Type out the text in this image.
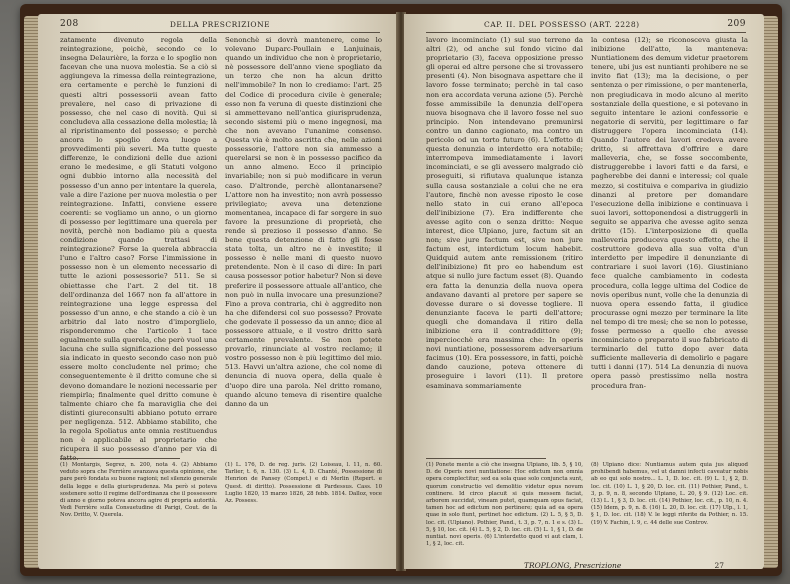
208	DELLA PRESCRIZIONE
zatamente divenuto regola della reintegrazione, poichè, secondo ce lo insegna Delaurière, la forza e lo spoglio non facevan che una nuova molestia. Se a ciò si aggiungeva la rimessa della reintegrazione, era certamente e perchè le funzioni di questi altri possessorii avean fatto prevalere, nel caso di privazione di possesso, che nel caso di novità. Qui si concludeva alla cessazione della molestia; là al ripristinamento del possesso; e perchè ancora lo spoglio deva luogo a provvedimenti più severi. Ma tutte queste differenze, le condizioni delle due azioni erano le medesime, e gli Statuti volgono ogni dubbio intorno alla necessità del possesso d'un anno per intentare la querela, vale a dire l'azione per nuova molestia o per reintegrazione. Infatti, conviene essere coerenti: se vogliamo un anno, o un giorno di possesso per legittimare una querela per novità, perchè non badiamo più a questa condizione quando trattasi di reintegrazione? Forse la querela abbraccia l'uno e l'altro caso? Forse l'immissione in possesso non è un elemento necessario di tutte le azioni possessorie? 511. Se si obiettasse che l'art. 2 del tit. 18 dell'ordinanza del 1667 non fa all'attore in reintegrazione una legge espressa del possesso d'un anno, e che stando a ciò è un arbitrio dal lato nostro d'imporglielo, risponderemmo che l'articolo 1 tace egualmente sulla querela, che però vuol una lacuna che sulla significazione del possesso sia indicato in questo secondo caso non può essere molto concludente nel primo; che conseguentemente è il dritto comune che si devono domandare le nozioni necessarie per riempirla; finalmente quel dritto comune è talmente chiaro che fa maraviglia che dei distinti giureconsulti abbiano potuto errare per negligenza. 512. Abbiamo stabilito, che la regola Spoliatus ante omnia restituendus non è applicabile al proprietario che ricupera il suo possesso d'anno per via di fatto.
Senonchè si dovrà mantenere, come lo volevano Duparc-Poullain e Lanjuinais, quando un individuo che non è proprietario, nè possessore dell'anno viene spogliato da un terzo che non ha alcun dritto nell'immobile? In non lo crediamo: l'art. 25 del Codice di procedura civile è generale; esso non fa veruna di queste distinzioni che si ammettevano nell'antica giurisprudenza, secondo sistemi più o meno ingegnosi, ma che non avevano l'unanime consenso. Questa via è molto ascritta che, nelle azioni possessorie, l'attore non sia ammesso a querelarsi se non è in possesso pacifico da un anno almeno. Ecco il principio invariabile; non si può modificare in verun caso. D'altronde, perchè allontanarsene? L'attore non ha investito; non avrà possesso privilegiato; aveva una detenzione momentanea, incapace di far sorgere in suo favore la presunzione di proprietà, che rende sì prezioso il possesso d'anno. Se bene questa detenzione di fatto gli fosse stata tolta, un altro ne è investito; il possesso è nelle mani di questo nuovo pretendente. Non è il caso di dire: In pari causa possessor potior habetur? Non si deve preferire il possessore attuale all'antico, che non può in nulla invocare una presunzione? Fino a prova contraria, chi è aggredito non ha che difendersi col suo possesso? Provate che godevate il possesso da un anno; dice al possessore attuale, e il vostro dritto sarà certamente prevalente. Se non potete provarlo, rinunciate al vostro reclamo; il vostro possesso non è più legittimo del mio. 513. Havvi un'altra azione, che col nome di denuncia di nuova opera, della quale è d'uopo dire una parola. Nel dritto romano, quando alcuno temeva di risentire qualche danno da un
(1) Montargis, Segrez, n. 200, nota 4. (2) Abbiamo veduto sopra che Ferrière avanzava questa opinione, che pare però fondata su buone ragioni; nel silenzio generale della legge e della giurisprudenza. Ma però si poteva sostenere sotto il regime dell'ordinanza che il possessore di anno e giorno poteva ancora agire di propria autorità. Vedi Ferrière sulla Consuetudine di Parigi, Cout. de la Nov. Dritto, V. Querela.
(1) L. 176, D. de reg. juris. (2) Loiseau, l. 11, n. 60. Tarlier, t. 6, n. 130. (3) L. 4, D. Chanté, Possessione di Henrion de Pansey (Compet.) e di Merlin (Repert. e Quest. di diritto). Possessione di Pardessus. Cass. 10 Luglio 1820, 15 marzo 1826, 28 febb. 1814. Dalloz, voce Az. Possess.
CAP. II. DEL POSSESSO (ART. 2228)	209
lavoro incominciato (1) sul suo terreno da altri (2), od anche sul fondo vicino dal proprietario (3), faceva opposizione presso gli operai ed altre persone che si trovassero presenti (4). Non bisognava aspettare che il lavoro fosse terminato; perchè in tal caso non era accordata veruna azione (5). Perchè fosse ammissibile la denunzia dell'opera nuova bisognava che il lavoro fosse nel suo principio. Non intendevano premunirsi contro un danno cagionato, ma contro un pericolo od un torto futuro (6). L'effetto di questa denunzia o interdetto era notabile; interrompeva immediatamente i lavori incominciati, e se gli avessero malgrado ciò proseguiti, si rifiutava qualunque istanza sulla causa sostanziale a colui che ne era l'autore, finchè non avesse riposto le cose nello stato in cui erano all'epoca dell'inibizione (7). Era indifferente che avesse agito con o senza dritto: Neque interest, dice Ulpiano, jure, factum sit an non; sive jure factum est, sive non jure factum est, interdictum locum habebit. Quidquid autem ante remissionem (ritiro dell'inibizione) fit pro eo habendum est atque si nullo jure factum esset (8). Quando era fatta la denunzia della nuova opera andavano davanti al pretore per sapere se dovesse durare o si dovesse togliere. Il denunziante faceva le parti dell'attore; quegli che domandava il ritiro della inibizione era il contraddittore (9); imperciocchè era massima che: In operis novi nuntiatione, possessorem adversarium facimus (10). Era possessore, in fatti, poichè dando cauzione, poteva ottenere di proseguire i lavori (11). Il pretore esaminava sommariamente
la contesa (12); se riconosceva giusta la inibizione dell'atto, la manteneva: Nuntiationem des demum videtur praetorem tenere, ubi jus est nuntianti prohibere ne se invito fiat (13); ma la decisione, o per sentenza o per rimissione, o per mantenerla, non pregiudicava in modo alcuno al merito sostanziale della questione, e si potevano in seguito intentare le azioni confessorie e negatorie di servitù, per legittimare o far distruggere l'opera incominciata (14). Quando l'autore dei lavori credeva avere dritto, si affrettava d'offrire e dare malleveria, che, se fosse soccombente, distruggerebbe i lavori fatti e da farsi, e pagherebbe dei danni e interessi; col quale mezzo, si costituiva e compariva in giudizio dinanzi al pretore per domandare l'esecuzione della inibizione e continuava i suoi lavori, sottoponendosi a distruggerli in seguito se appariva che avesse agito senza dritto (15). L'interposizione di quella malleveria produceva questo effetto, che il costruttore godeva alla sua volta d'un interdetto per impedire il denunziante di contrariare i suoi lavori (16). Giustiniano fece qualche cambiamento in codesta procedura, colla legge ultima del Codice de novis operibus nunt, volle che la denunzia di nuova opera essendo fatta, il giudice procurasse ogni mezzo per terminare la lite nel tempo di tre mesi; che se non lo potesse, fosse permesso a quello che avesse incominciato o preparato il suo fabbricato di terminarlo del tutto dopo aver data sufficiente malleveria di demolirlo e pagare tutti i danni (17). 514 La denunzia di nuova opera passò prestissimo nella nostra procedura fran-
(1) Ponete mente a ciò che insegna Ulpiano, lib. 5, § 10, D. de Operis novi nuntiatione: Hoc edictum non omnia opera complectitur, sed ea sola quae solo conjuncta sunt, quorum constructio vel demolitio videtur opus novum continere. Id circo placuit si quis messem faciat, arborem succidat, vineam putet, quamquam opus faciat, tamen hoc ad edictum non pertinere; quia ad ea opera quae in solo fiunt, pertinet hoc edictum. (2) L. 5, § 5, D. loc. cit. (Ulpiano). Pothier, Pand., t. 3, p. 7, n. 1 e s. (3) L. 5, § 10, loc. cit. (4) L. 5, § 2, D. loc. cit. (5) L. 1, § 1, D. de nuntiat. novi operis. (6) L'interdetto quod vi aut clam, l. 1, § 2, loc. cit.
(8) Ulpiano dice: Nuntiamus autem quia jus aliquod prohibendi habemus, vel ut damni infecti caveatur nobis ab eo qui solo nostro... L. 1, D. loc. cit. (9) L. 1, § 2, D. loc. cit. (10) L. 1, § 20, D. loc. cit. (11) Pothier, Pand., t. 3, p. 9, n. 8, secondo Ulpiano, L. 20, § 9. (12) Loc. cit. (13) L. 1, § 3, D. loc. cit. (14) Pothier, loc. cit., p. 10, n. 4. (15) Idem, p. 9, n. 8. (16) L. 20, D. loc. cit. (17) Ulp., l. 1, § 1, D. loc. cit. (18) V. le leggi riferite da Pothier, n. 15. (19) V. Fachin, l. 9, c. 44 delle sue Controv.
TROPLONG, Prescrizione	27
